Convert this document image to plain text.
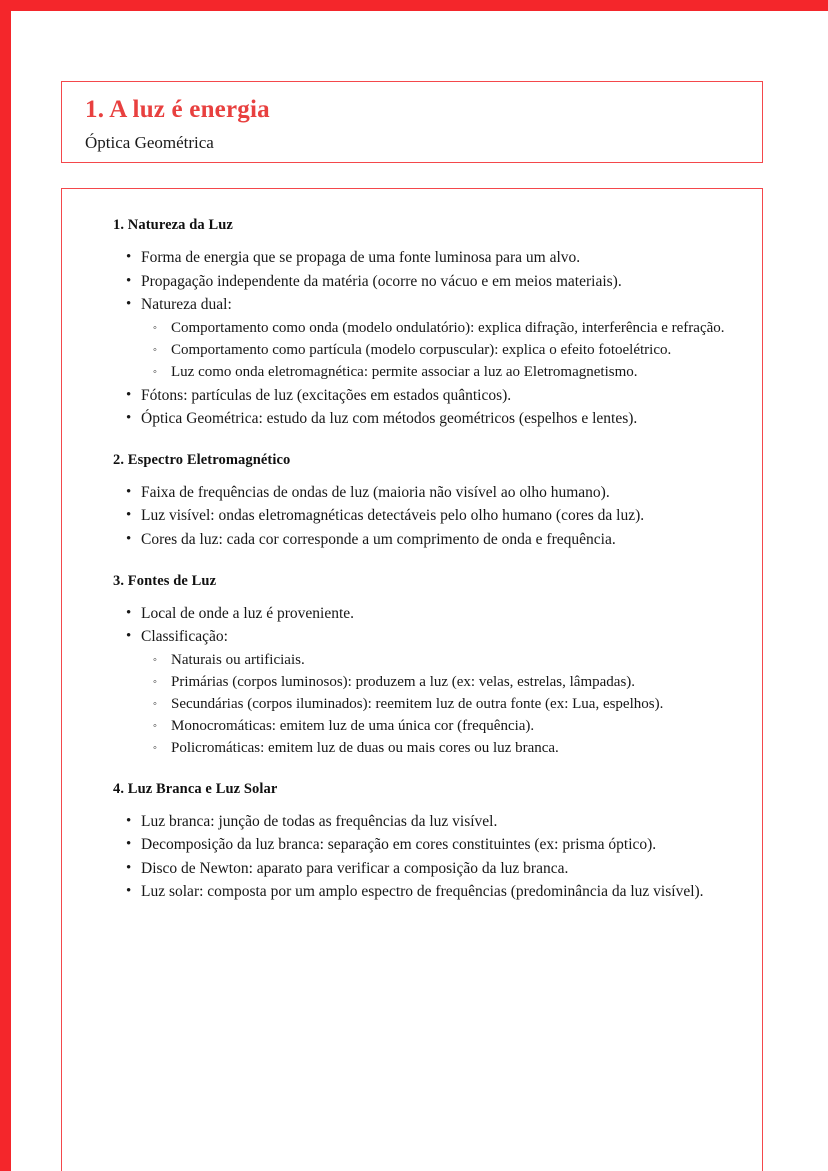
1. A luz é energia
Óptica Geométrica
1. Natureza da Luz
• Forma de energia que se propaga de uma fonte luminosa para um alvo.
• Propagação independente da matéria (ocorre no vácuo e em meios materiais).
• Natureza dual:
◦ Comportamento como onda (modelo ondulatório): explica difração, interferência e refração.
◦ Comportamento como partícula (modelo corpuscular): explica o efeito fotoelétrico.
◦ Luz como onda eletromagnética: permite associar a luz ao Eletromagnetismo.
• Fótons: partículas de luz (excitações em estados quânticos).
• Óptica Geométrica: estudo da luz com métodos geométricos (espelhos e lentes).
2. Espectro Eletromagnético
• Faixa de frequências de ondas de luz (maioria não visível ao olho humano).
• Luz visível: ondas eletromagnéticas detectáveis pelo olho humano (cores da luz).
• Cores da luz: cada cor corresponde a um comprimento de onda e frequência.
3. Fontes de Luz
• Local de onde a luz é proveniente.
• Classificação:
◦ Naturais ou artificiais.
◦ Primárias (corpos luminosos): produzem a luz (ex: velas, estrelas, lâmpadas).
◦ Secundárias (corpos iluminados): reemitem luz de outra fonte (ex: Lua, espelhos).
◦ Monocromáticas: emitem luz de uma única cor (frequência).
◦ Policromáticas: emitem luz de duas ou mais cores ou luz branca.
4. Luz Branca e Luz Solar
• Luz branca: junção de todas as frequências da luz visível.
• Decomposição da luz branca: separação em cores constituintes (ex: prisma óptico).
• Disco de Newton: aparato para verificar a composição da luz branca.
• Luz solar: composta por um amplo espectro de frequências (predominância da luz visível).
